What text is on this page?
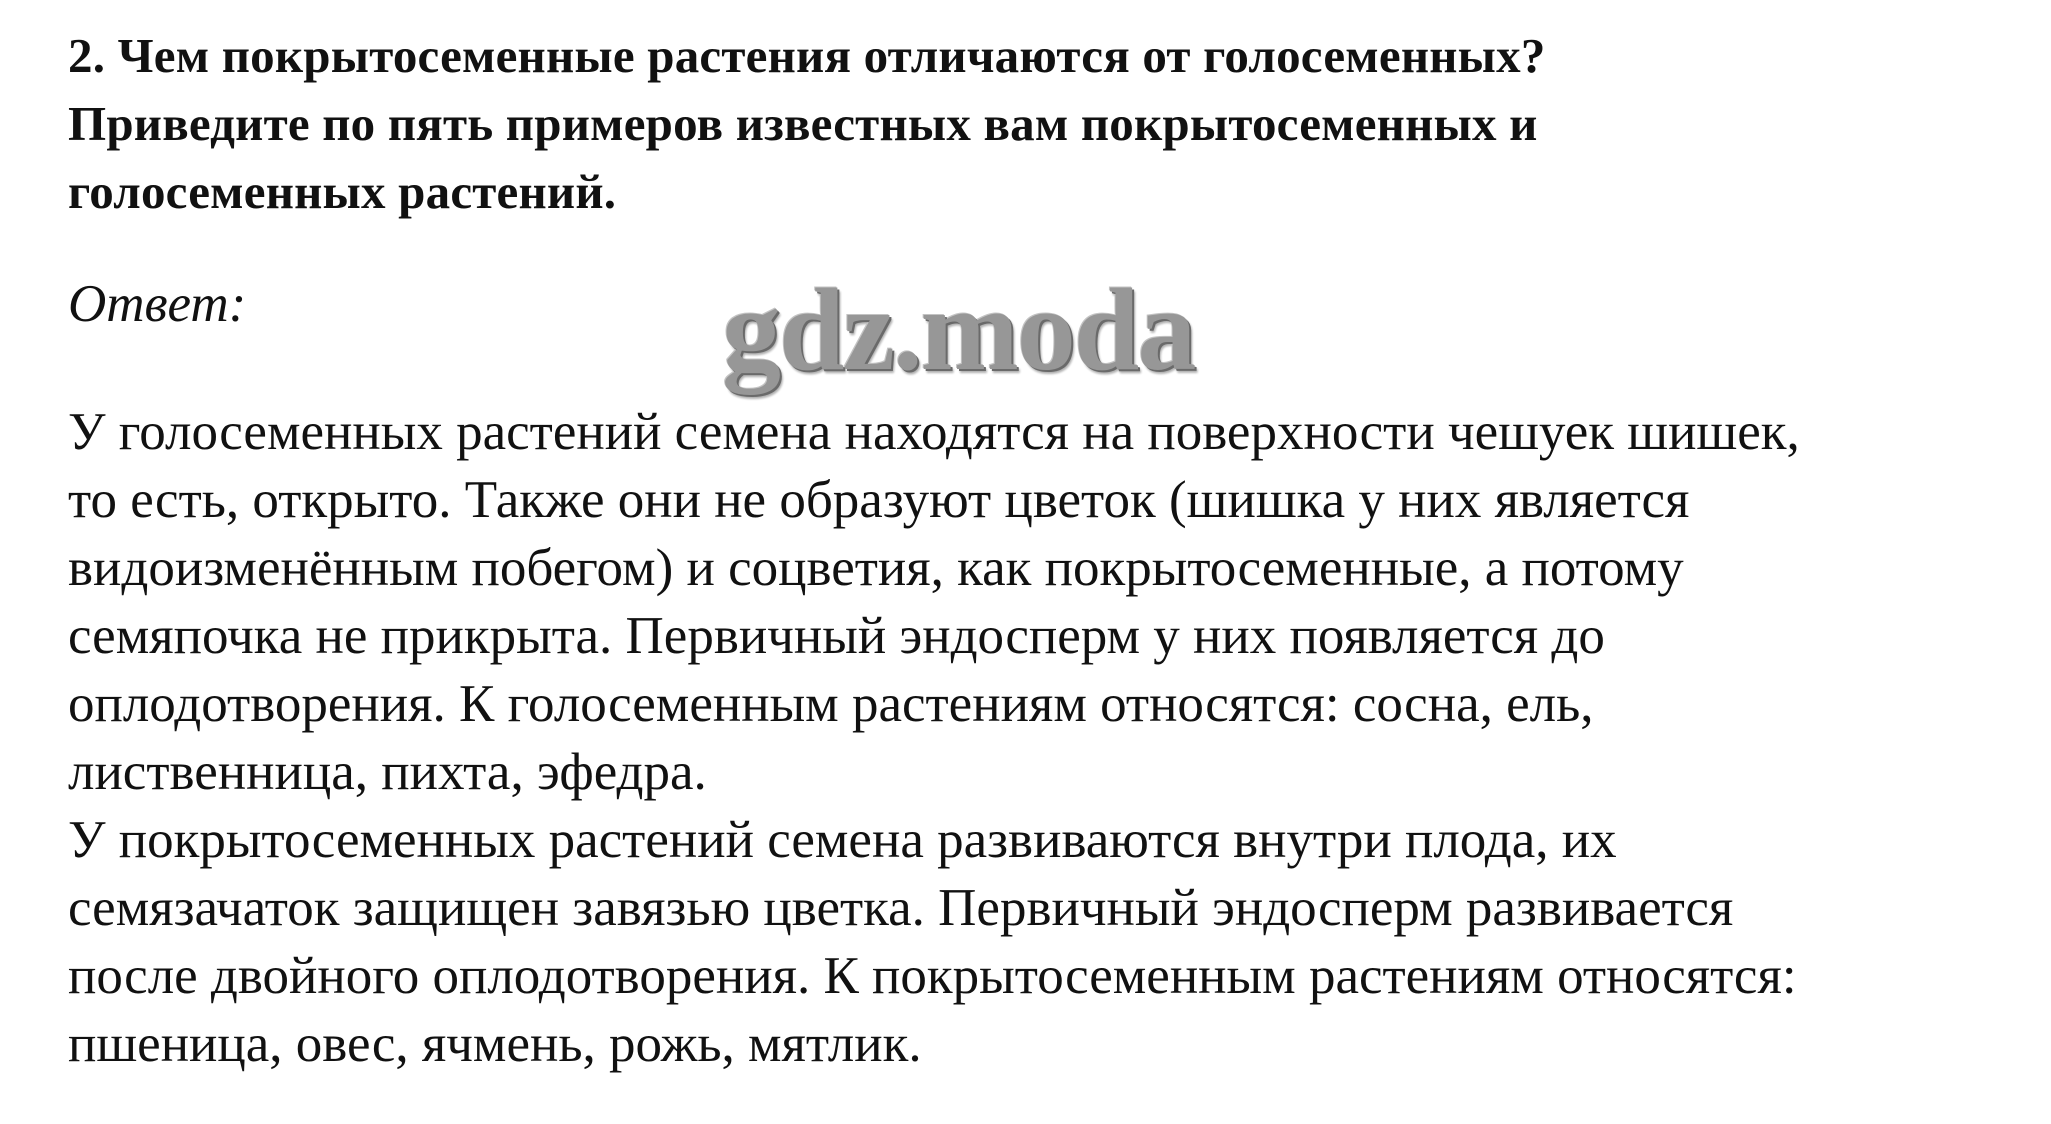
2. Чем покрытосеменные растения отличаются от голосеменных?
Приведите по пять примеров известных вам покрытосеменных и
голосеменных растений.

Ответ:	gdz.moda
У голосеменных растений семена находятся на поверхности чешуек шишек,
то есть, открыто. Также они не образуют цветок (шишка у них является
видоизменённым побегом) и соцветия, как покрытосеменные, а потому
семяпочка не прикрыта. Первичный эндосперм у них появляется до
оплодотворения. К голосеменным растениям относятся: сосна, ель,
лиственница, пихта, эфедра.
У покрытосеменных растений семена развиваются внутри плода, их
семязачаток защищен завязью цветка. Первичный эндосперм развивается
после двойного оплодотворения. К покрытосеменным растениям относятся:
пшеница, овес, ячмень, рожь, мятлик.
